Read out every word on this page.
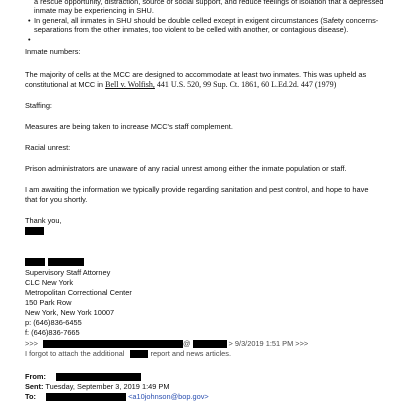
a rescue opportunity, distraction, source of social support, and reduce feelings of isolation that a depressed
inmate may be experiencing in SHU.
• In general, all inmates in SHU should be double celled except in exigent circumstances (Safety concerns-
separations from the other inmates, too violent to be celled with another, or contagious disease).
•
Inmate numbers:
The majority of cells at the MCC are designed to accommodate at least two inmates. This was upheld as
constitutional at MCC in Bell v. Wolfish, 441 U.S. 520, 99 Sup. Ct. 1861, 60 L.Ed.2d. 447 (1979)
Staffing:
Measures are being taken to increase MCC's staff complement.
Racial unrest:
Prison administrators are unaware of any racial unrest among either the inmate population or staff.
I am awaiting the information we typically provide regarding sanitation and pest control, and hope to have
that for you shortly.
Thank you,
Supervisory Staff Attorney
CLC New York
Metropolitan Correctional Center
150 Park Row
New York, New York 10007
p: (646)836-6455
f: (646)836-7665
>>>	@	> 9/3/2019 1:51 PM >>>
I forgot to attach the additional	report and news articles.
From:
Sent: Tuesday, September 3, 2019 1:49 PM
To:	<a10johnson@bop.gov>
